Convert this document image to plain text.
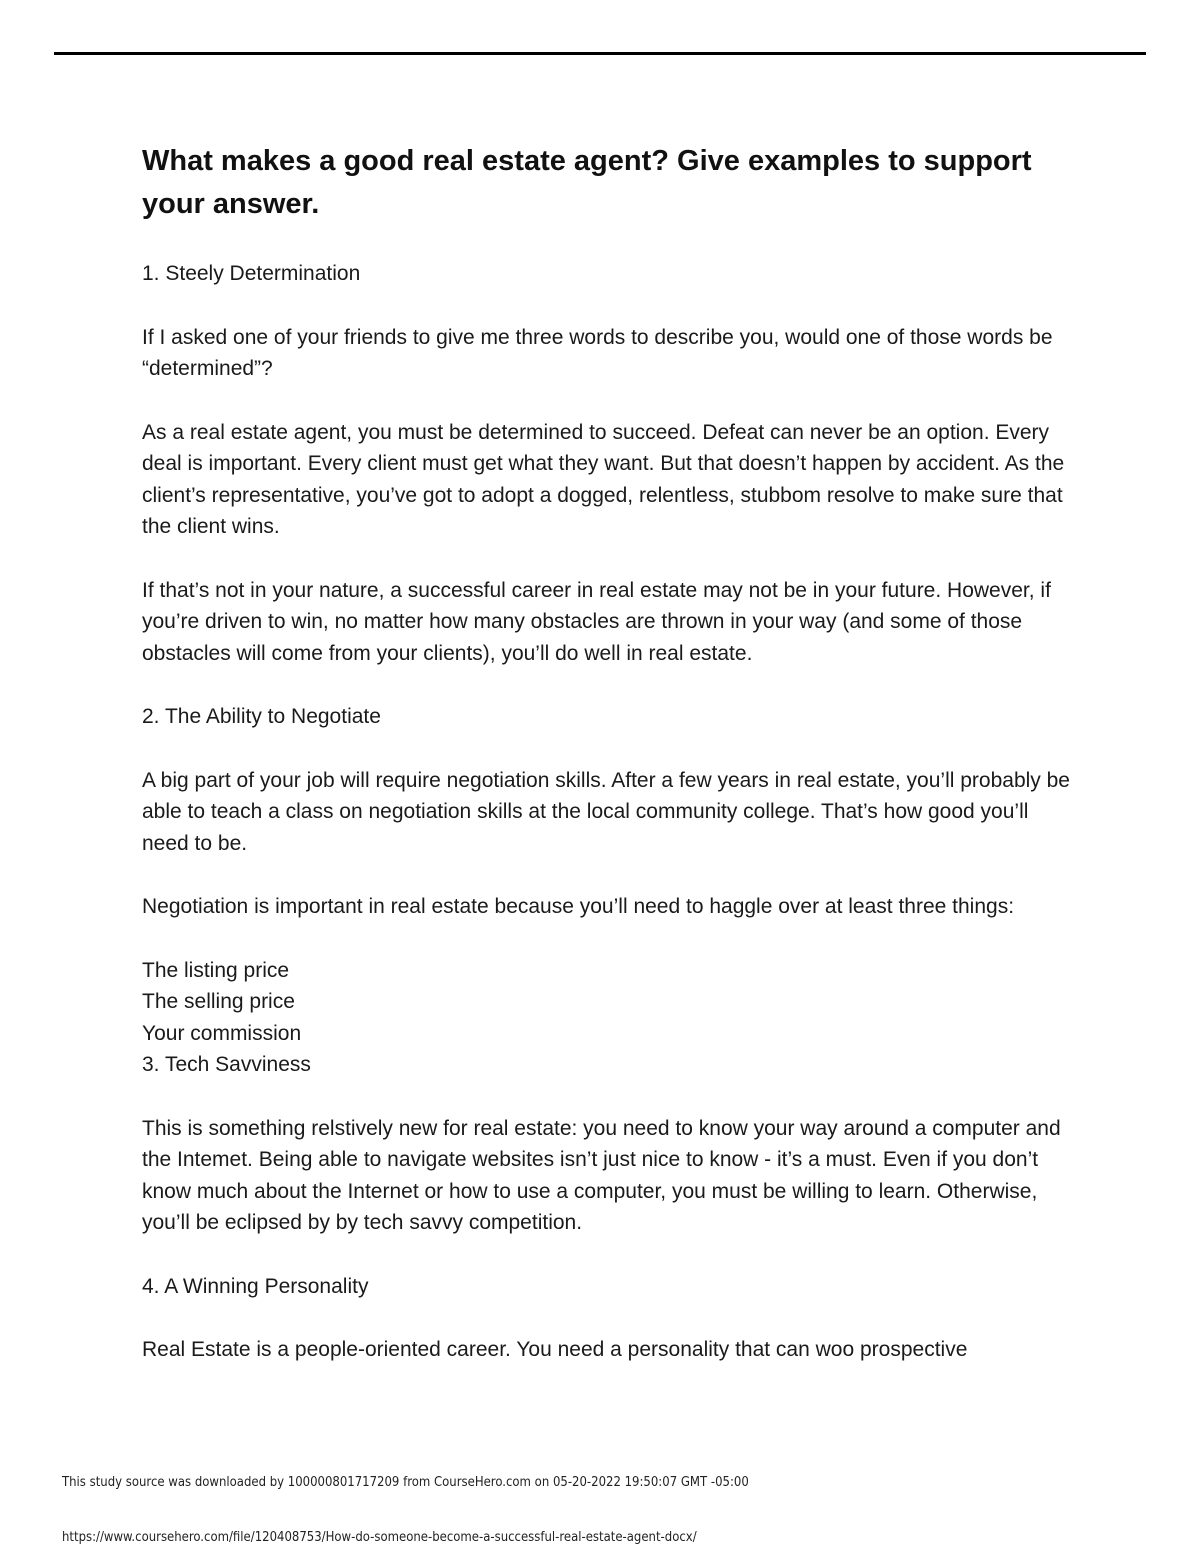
What makes a good real estate agent? Give examples to support your answer.

1. Steely Determination

If I asked one of your friends to give me three words to describe you, would one of those words be “determined”?

As a real estate agent, you must be determined to succeed. Defeat can never be an option. Every deal is important. Every client must get what they want. But that doesn’t happen by accident. As the client’s representative, you’ve got to adopt a dogged, relentless, stubbom resolve to make sure that the client wins.

If that’s not in your nature, a successful career in real estate may not be in your future. However, if you’re driven to win, no matter how many obstacles are thrown in your way (and some of those obstacles will come from your clients), you’ll do well in real estate.

2. The Ability to Negotiate

A big part of your job will require negotiation skills. After a few years in real estate, you’ll probably be able to teach a class on negotiation skills at the local community college. That’s how good you’ll need to be.

Negotiation is important in real estate because you’ll need to haggle over at least three things:

The listing price

The selling price

Your commission

3. Tech Savviness

This is something relstively new for real estate: you need to know your way around a computer and the Intemet. Being able to navigate websites isn’t just nice to know - it’s a must. Even if you don’t know much about the Internet or how to use a computer, you must be willing to learn. Otherwise, you’ll be eclipsed by by tech savvy competition.

4. A Winning Personality

Real Estate is a people-oriented career. You need a personality that can woo prospective

This study source was downloaded by 100000801717209 from CourseHero.com on 05-20-2022 19:50:07 GMT -05:00
https://www.coursehero.com/file/120408753/How-do-someone-become-a-successful-real-estate-agent-docx/
